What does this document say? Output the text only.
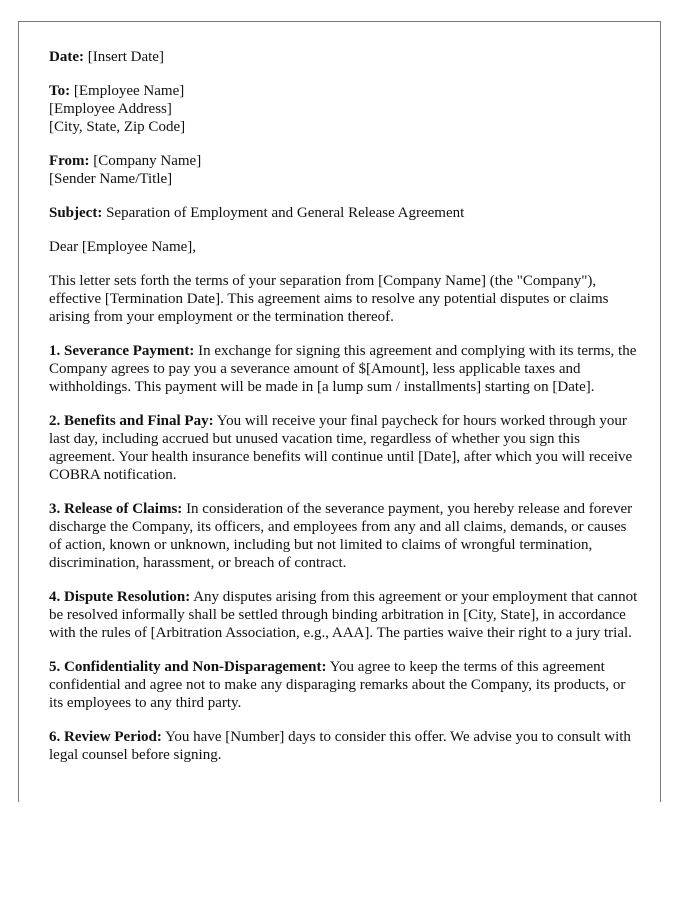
Date: [Insert Date]

To: [Employee Name]
[Employee Address]
[City, State, Zip Code]

From: [Company Name]
[Sender Name/Title]

Subject: Separation of Employment and General Release Agreement

Dear [Employee Name],

This letter sets forth the terms of your separation from [Company Name] (the "Company"), effective [Termination Date]. This agreement aims to resolve any potential disputes or claims arising from your employment or the termination thereof.

1. Severance Payment: In exchange for signing this agreement and complying with its terms, the Company agrees to pay you a severance amount of $[Amount], less applicable taxes and withholdings. This payment will be made in [a lump sum / installments] starting on [Date].

2. Benefits and Final Pay: You will receive your final paycheck for hours worked through your last day, including accrued but unused vacation time, regardless of whether you sign this agreement. Your health insurance benefits will continue until [Date], after which you will receive COBRA notification.

3. Release of Claims: In consideration of the severance payment, you hereby release and forever discharge the Company, its officers, and employees from any and all claims, demands, or causes of action, known or unknown, including but not limited to claims of wrongful termination, discrimination, harassment, or breach of contract.

4. Dispute Resolution: Any disputes arising from this agreement or your employment that cannot be resolved informally shall be settled through binding arbitration in [City, State], in accordance with the rules of [Arbitration Association, e.g., AAA]. The parties waive their right to a jury trial.

5. Confidentiality and Non-Disparagement: You agree to keep the terms of this agreement confidential and agree not to make any disparaging remarks about the Company, its products, or its employees to any third party.

6. Review Period: You have [Number] days to consider this offer. We advise you to consult with legal counsel before signing.
